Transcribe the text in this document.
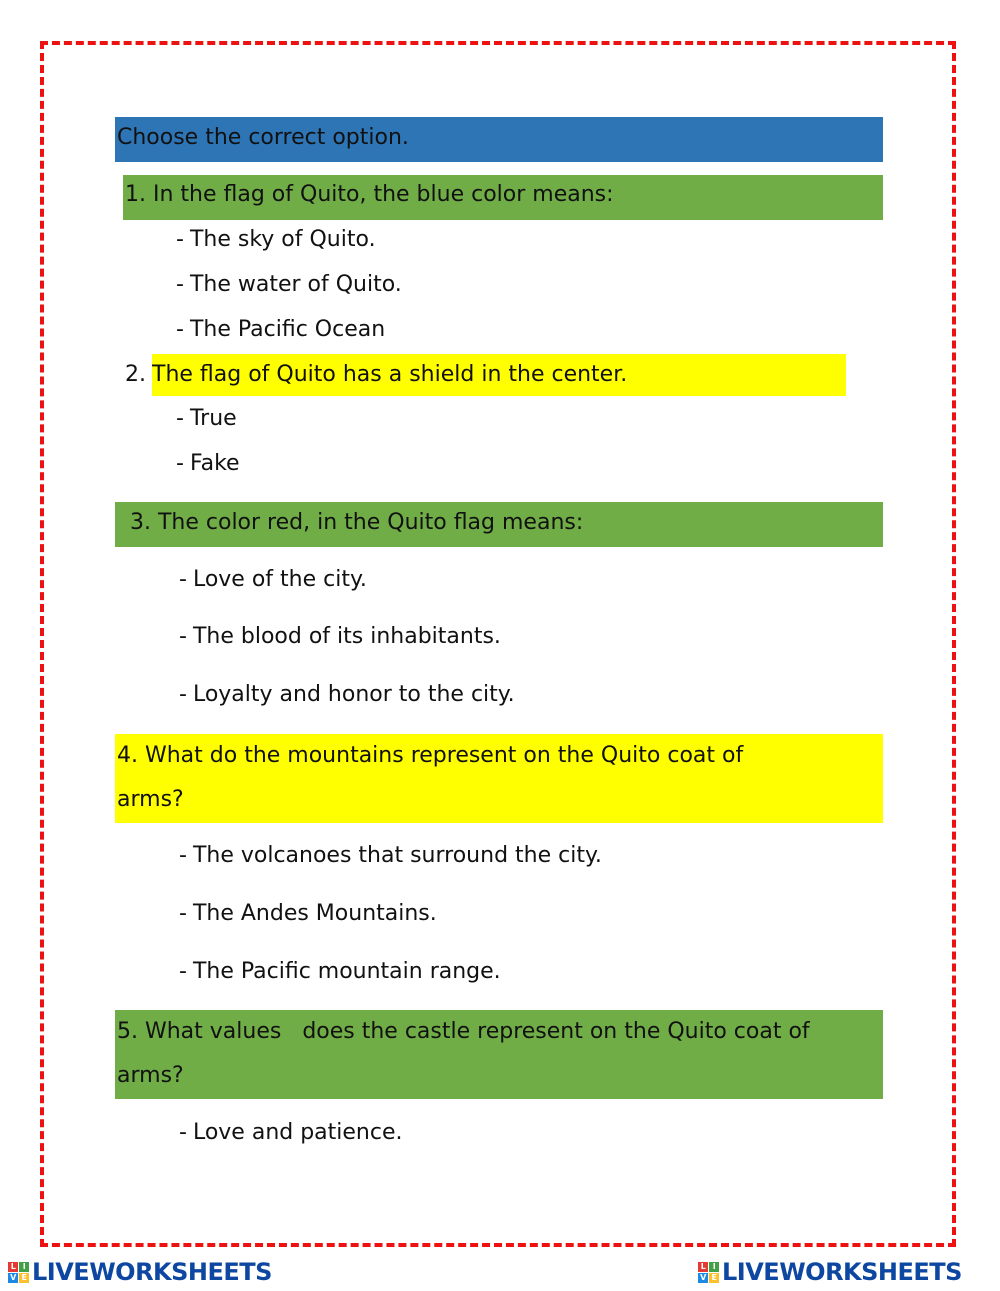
Choose the correct option.
1. In the flag of Quito, the blue color means:
- The sky of Quito.
- The water of Quito.
- The Pacific Ocean
2. The flag of Quito has a shield in the center.
- True
- Fake
3. The color red, in the Quito flag means:
- Love of the city.
- The blood of its inhabitants.
- Loyalty and honor to the city.
4. What do the mountains represent on the Quito coat of
arms?
- The volcanoes that surround the city.
- The Andes Mountains.
- The Pacific mountain range.
5. What values   does the castle represent on the Quito coat of
arms?
- Love and patience.
L I
V E LIVEWORKSHEETS	L I
V E LIVEWORKSHEETS
